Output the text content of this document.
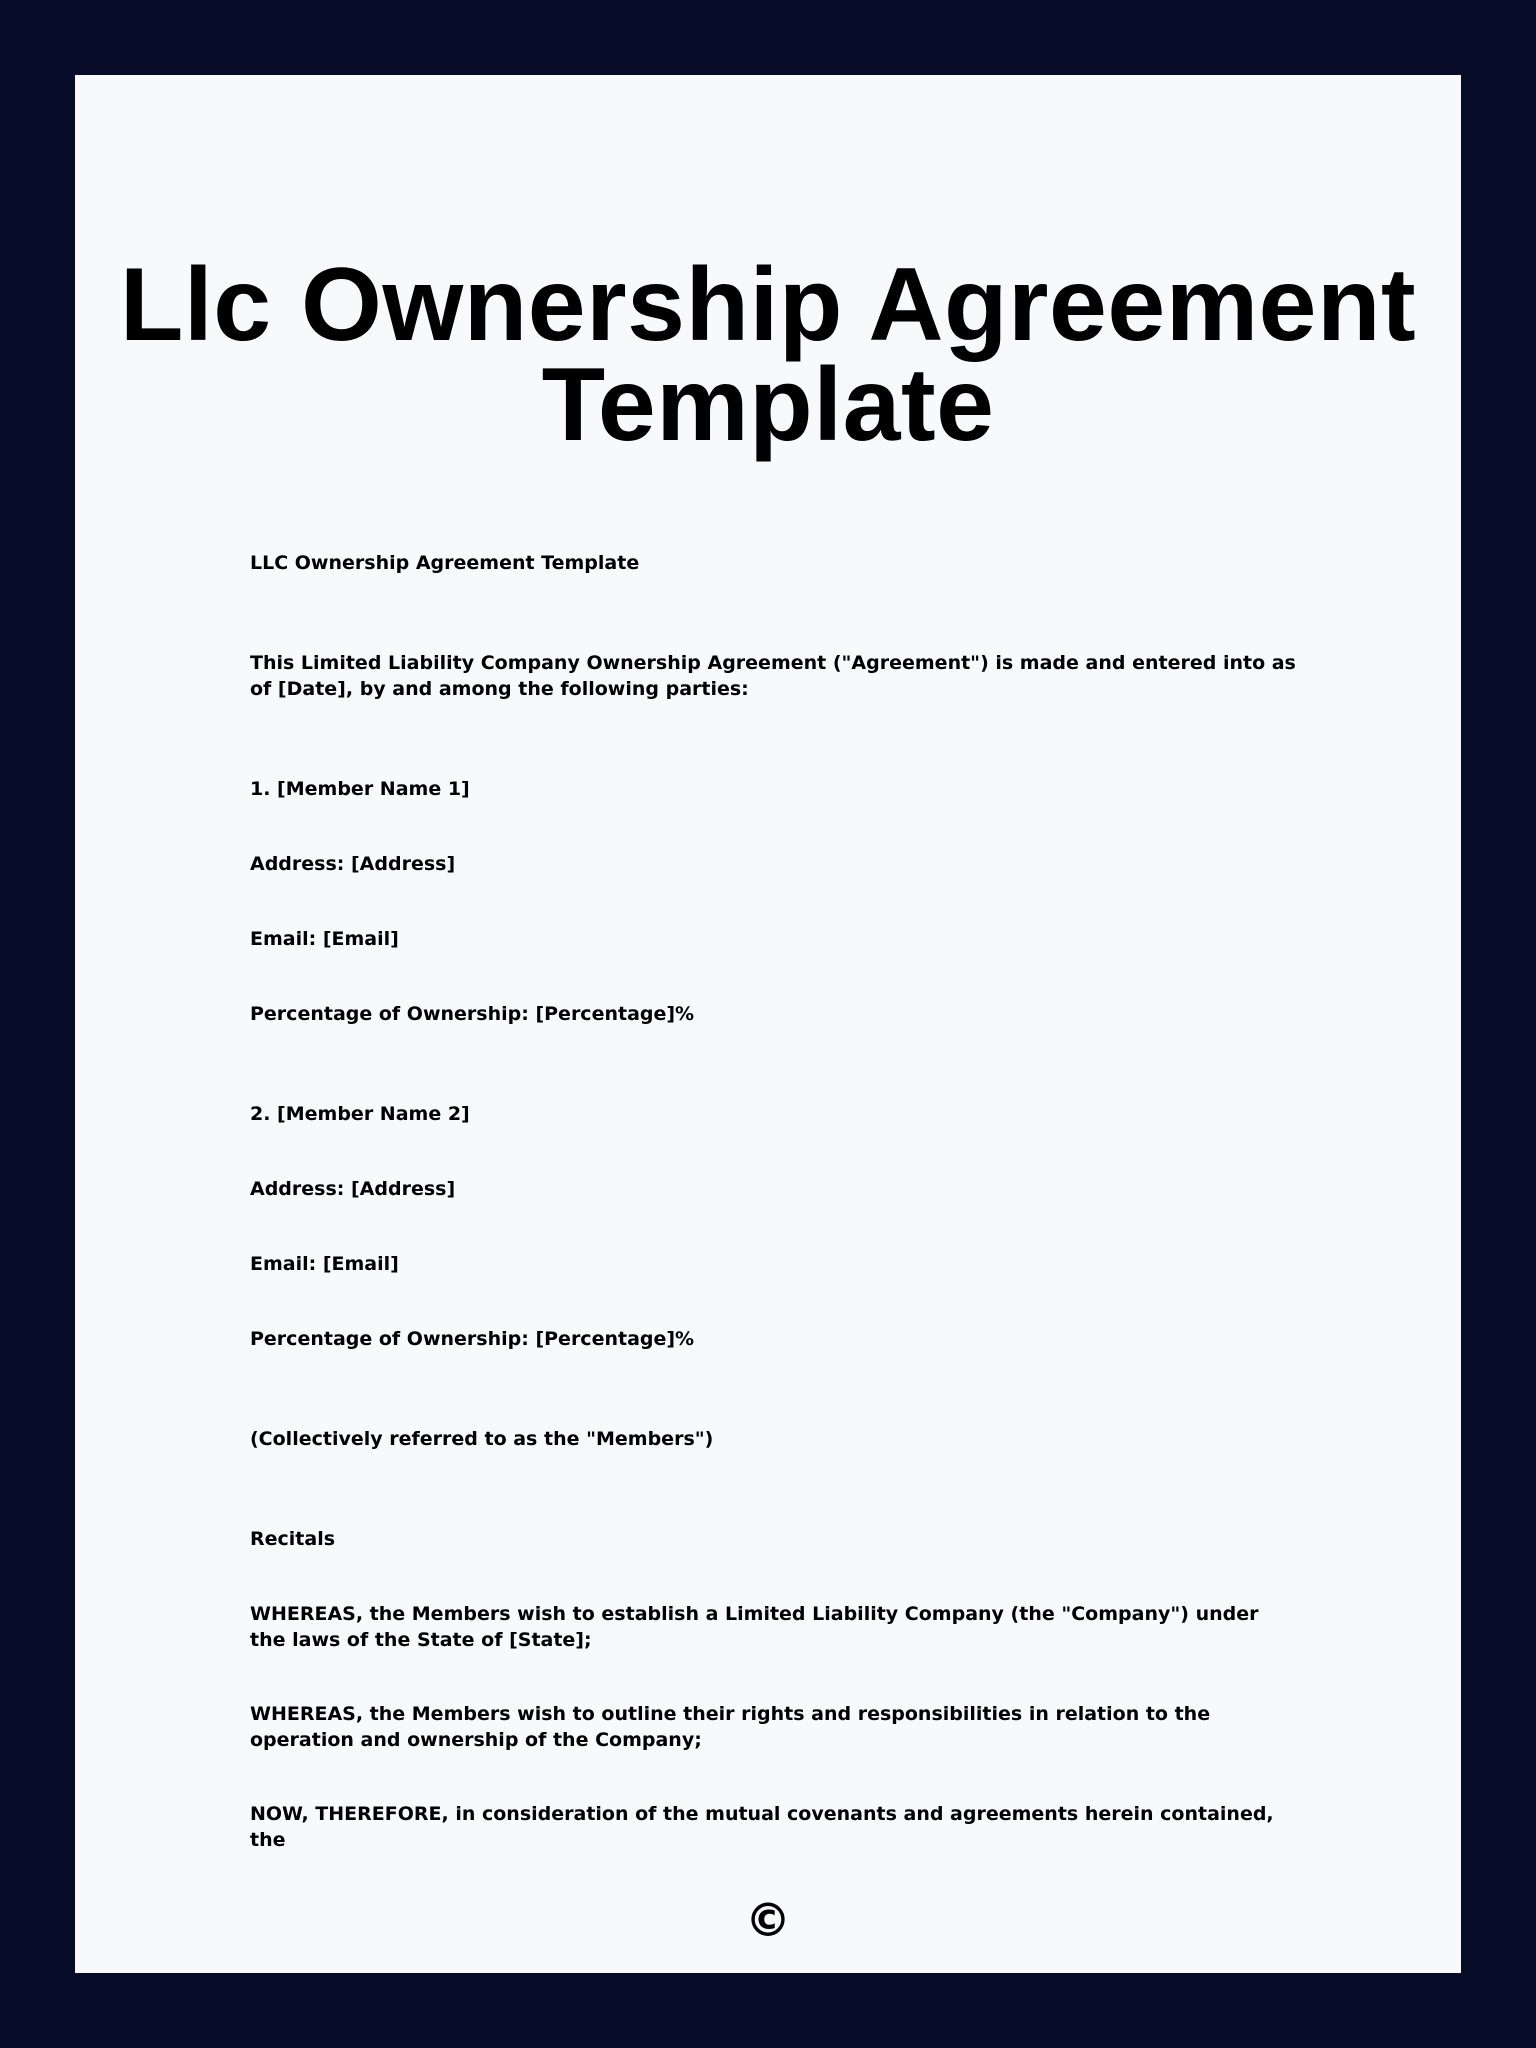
Llc Ownership Agreement
Template

LLC Ownership Agreement Template

This Limited Liability Company Ownership Agreement ("Agreement") is made and entered into as of [Date], by and among the following parties:

1. [Member Name 1]

Address: [Address]

Email: [Email]

Percentage of Ownership: [Percentage]%

2. [Member Name 2]

Address: [Address]

Email: [Email]

Percentage of Ownership: [Percentage]%

(Collectively referred to as the "Members")

Recitals

WHEREAS, the Members wish to establish a Limited Liability Company (the "Company") under the laws of the State of [State];

WHEREAS, the Members wish to outline their rights and responsibilities in relation to the operation and ownership of the Company;

NOW, THEREFORE, in consideration of the mutual covenants and agreements herein contained, the

©
